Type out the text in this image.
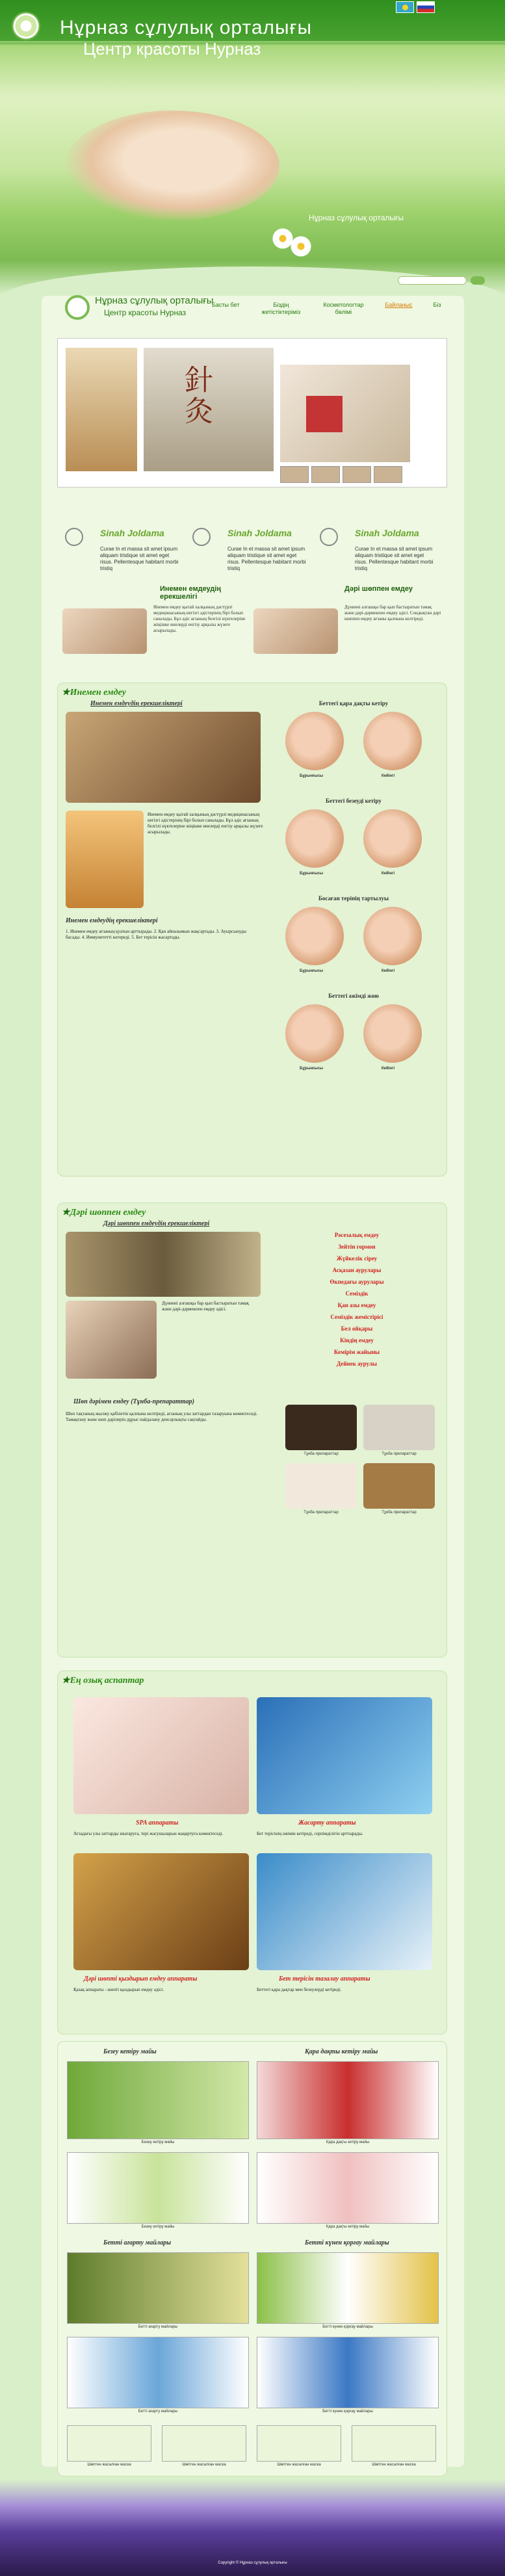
Нұрназ сұлулық орталығы
Центр красоты Нурназ
Нұрназ сұлулық орталығы
Нұрназ сұлулық орталығы
Центр красоты Нурназ
Басты бет	Біздің жетістіктеріміз
Косметологтар бөлімі
Байланыс	Біз
針灸
Sinah Joldama
Curae In et massa sit amet ipsum aliquam tristique sit amet eget risus. Pellentesque habitant morbi tristiq
Sinah Joldama
Curae In et massa sit amet ipsum aliquam tristique sit amet eget risus. Pellentesque habitant morbi tristiq
Sinah Joldama
Curae In et massa sit amet ipsum aliquam tristique sit amet eget risus. Pellentesque habitant morbi tristiq
Инемен емдеудің ерекшелігі
Инемен емдеу қытай халқының дәстүрлі медицинасының негізгі әдістерінің бірі болып саналады. Бұл әдіс ағзаның белгілі нүктелеріне жіңішке инелерді енгізу арқылы жүзеге асырылады.
Дәрі шөппен емдеу
Дүниені алғашқы бар қып бастыратын тамақ және дәрі-дәрмекпен емдеу әдісі. Сондықтан дәрі шөппен емдеу ағзаны қалпына келтіреді.
★ Инемен емдеу
Инемен емдеудің ерекшеліктері
Инемен емдеу қытай халқының дәстүрлі медицинасының негізгі әдістерінің бірі болып саналады. Бұл әдіс ағзаның белгілі нүктелеріне жіңішке инелерді енгізу арқылы жүзеге асырылады.
Инемен емдеудің ерекшеліктері
1. Инемен емдеу ағзаның қуатын арттырады. 2. Қан айналымын жақсартады. 3. Ауырсынуды басады. 4. Иммунитетті көтереді. 5. Бет терісін жасартады.
Беттегі қара дақты кетіру
Бұрынғысы	Кейінгі
Беттегі безеуді кетіру
Бұрынғысы	Кейінгі
Босаған терінің тартылуы
Бұрынғысы	Кейінгі
Беттегі әжімді жою
Бұрынғысы	Кейінгі
★ Дәрі шөппен емдеу
Дәрі шөппен емдеудің ерекшеліктері
Дүниені алғашқы бар қып бастыратын тамақ және дәрі-дәрмекпен емдеу әдісі.
Рəсезалық емдеу
Зейтін гормон
Жүйкелік сіреу
Асқазан аурулары
Өкпедағы аурулары
Семіздік
Қан азы емдеу
Семіздік жемістірісі
Бел ойқары
Кіндің емдеу
Кемірім жайыны
Дейнек аурулы
Шөп дәрімен емдеу (Тұнба-препараттар)
Шөп тақтаның жылжу қабілетін қалпына келтіреді, ағзаның улы заттардан тазаруына көмектеседі. Тамақтану және шөп дәрілерін дұрыс пайдалану денсаулықты сақтайды.
Тұнба препараттар	Тұнба препараттар
Тұнба препараттар	Тұнба препараттар
★ Ең озық аспаптар
SPA аппараты	Жасарту аппараты
Ағзадағы улы заттарды шығаруға, тері жасушаларын жаңартуға көмектеседі.	Бет терісінің әжімін кетіреді, серпімділігін арттырады.
Дәрі шөпті қыздырып емдеу аппараты	Бет терісін тазалау аппараты
Қазақ аппараты - шөпті қыздырып емдеу әдісі.	Беттегі қара дақтар мен безеулерді кетіреді.
Безеу кетіру майы	Қара дақты кетіру майы
Безеу кетіру майы	Қара дақты кетіру майы
Безеу кетіру майы	Қара дақты кетіру майы
Бетті ағарту майлары	Бетті күнен қорғау майлары
Бетті ағарту майлары	Бетті күнен қорғау майлары
Бетті ағарту майлары	Бетті күнен қорғау майлары
Шөптен жасалған маска	Шөптен жасалған маска	Шөптен жасалған маска	Шөптен жасалған маска
Copyright © Нұрназ сұлулық орталығы
